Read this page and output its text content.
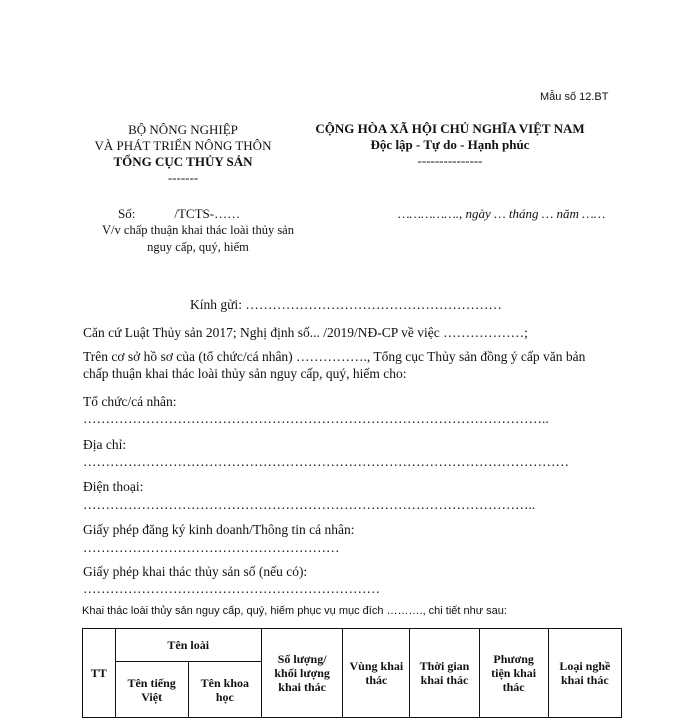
Mẫu số 12.BT
BỘ NÔNG NGHIỆP
VÀ PHÁT TRIỂN NÔNG THÔN
TỔNG CỤC THỦY SẢN
-------
CỘNG HÒA XÃ HỘI CHỦ NGHĨA VIỆT NAM
Độc lập - Tự do - Hạnh phúc
---------------
Số:            /TCTS-……
V/v chấp thuận khai thác loài thủy sản nguy cấp, quý, hiếm
……………., ngày … tháng … năm ……
Kính gửi: …………………………………………………
Căn cứ Luật Thủy sản 2017; Nghị định số... /2019/NĐ-CP về việc ………………;
Trên cơ sở hồ sơ của (tổ chức/cá nhân) ……………., Tổng cục Thủy sản đồng ý cấp văn bản chấp thuận khai thác loài thủy sản nguy cấp, quý, hiếm cho:
Tổ chức/cá nhân:
…………………………………………………………………………………………..
Địa chỉ:
………………………………………………………………………………………………
Điện thoại:
………………………………………………………………………………………..
Giấy phép đăng ký kinh doanh/Thông tin cá nhân:
…………………………………………………
Giấy phép khai thác thủy sản số (nếu có):
…………………………………………………………
Khai thác loài thủy sản nguy cấp, quý, hiếm phục vụ mục đích ………., chi tiết như sau:
TT	Tên loài		Số lượng/ khối lượng khai thác	Vùng khai thác	Thời gian khai thác	Phương tiện khai thác	Loại nghề khai thác
	Tên tiếng Việt	Tên khoa học					
